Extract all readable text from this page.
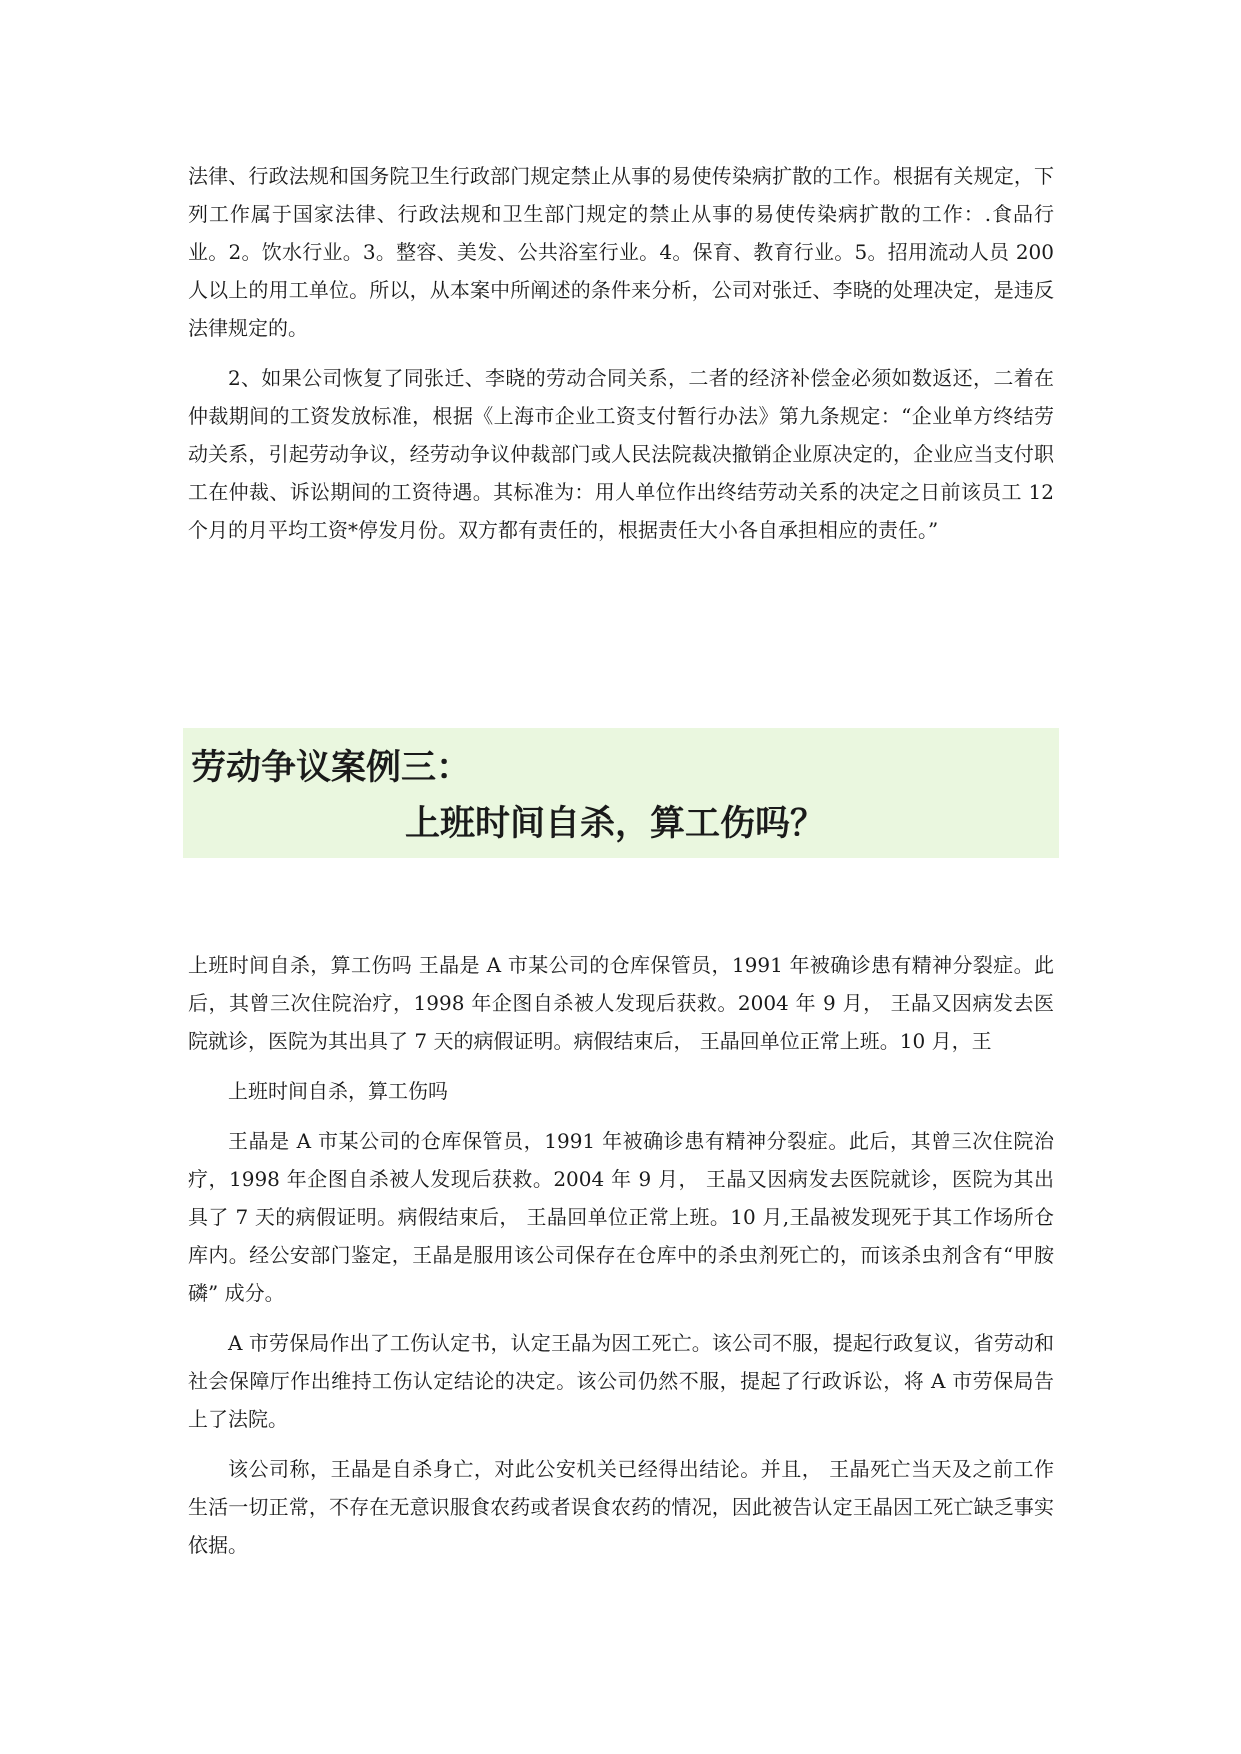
法律、行政法规和国务院卫生行政部门规定禁止从事的易使传染病扩散的工作。根据有关规定，下列工作属于国家法律、行政法规和卫生部门规定的禁止从事的易使传染病扩散的工作：.食品行业。2。饮水行业。3。整容、美发、公共浴室行业。4。保育、教育行业。5。招用流动人员 200 人以上的用工单位。所以，从本案中所阐述的条件来分析，公司对张迁、李晓的处理决定，是违反法律规定的。

2、如果公司恢复了同张迁、李晓的劳动合同关系，二者的经济补偿金必须如数返还，二着在仲裁期间的工资发放标准，根据《上海市企业工资支付暂行办法》第九条规定：“企业单方终结劳动关系，引起劳动争议，经劳动争议仲裁部门或人民法院裁决撤销企业原决定的，企业应当支付职工在仲裁、诉讼期间的工资待遇。其标准为：用人单位作出终结劳动关系的决定之日前该员工 12 个月的月平均工资*停发月份。双方都有责任的，根据责任大小各自承担相应的责任。”

劳动争议案例三：
上班时间自杀，算工伤吗？

上班时间自杀，算工伤吗 王晶是 A 市某公司的仓库保管员，1991 年被确诊患有精神分裂症。此后，其曾三次住院治疗，1998 年企图自杀被人发现后获救。2004 年 9 月， 王晶又因病发去医院就诊，医院为其出具了 7 天的病假证明。病假结束后， 王晶回单位正常上班。10 月，王

上班时间自杀，算工伤吗

王晶是 A 市某公司的仓库保管员，1991 年被确诊患有精神分裂症。此后，其曾三次住院治疗，1998 年企图自杀被人发现后获救。2004 年 9 月， 王晶又因病发去医院就诊，医院为其出具了 7 天的病假证明。病假结束后， 王晶回单位正常上班。10 月,王晶被发现死于其工作场所仓库内。经公安部门鉴定，王晶是服用该公司保存在仓库中的杀虫剂死亡的，而该杀虫剂含有“甲胺磷” 成分。

A 市劳保局作出了工伤认定书，认定王晶为因工死亡。该公司不服，提起行政复议，省劳动和社会保障厅作出维持工伤认定结论的决定。该公司仍然不服，提起了行政诉讼，将 A 市劳保局告上了法院。

该公司称，王晶是自杀身亡，对此公安机关已经得出结论。并且， 王晶死亡当天及之前工作生活一切正常，不存在无意识服食农药或者误食农药的情况，因此被告认定王晶因工死亡缺乏事实依据。
